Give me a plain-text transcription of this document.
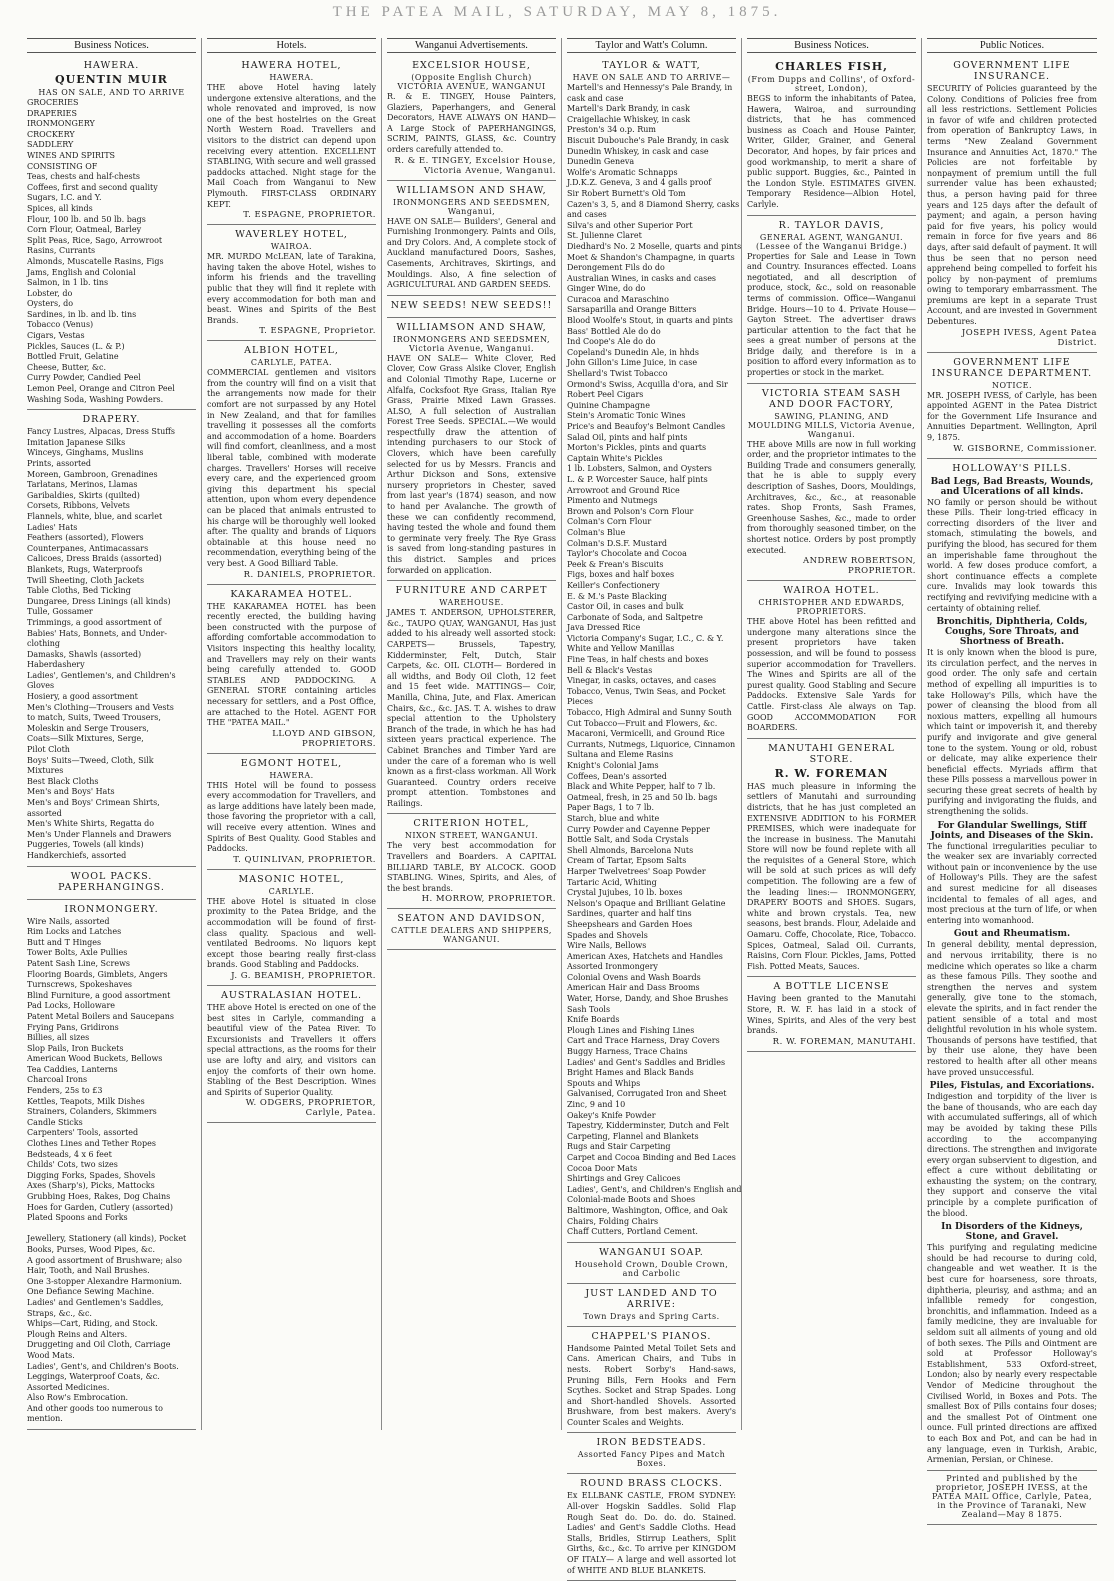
THE PATEA MAIL, SATURDAY, MAY 8, 1875.
Business Notices.
HAWERA.
QUENTIN MUIR
HAS ON SALE, AND TO ARRIVE
GROCERIES
DRAPERIES
IRONMONGERY
CROCKERY
SADDLERY
WINES AND SPIRITS
CONSISTING OF
Teas, chests and half-chests
Coffees, first and second quality
Sugars, I.C. and Y.
Spices, all kinds
Flour, 100 lb. and 50 lb. bags
Corn Flour, Oatmeal, Barley
Split Peas, Rice, Sago, Arrowroot
Rasins, Currants
Almonds, Muscatelle Rasins, Figs
Jams, English and Colonial
Salmon, in 1 lb. tins
Lobster, do
Oysters, do
Sardines, in lb. and lb. tins
Tobacco (Venus)
Cigars, Vestas
Pickles, Sauces (L. & P.)
Bottled Fruit, Gelatine
Cheese, Butter, &c.
Curry Powder, Candied Peel
Lemon Peel, Orange and Citron Peel
Washing Soda, Washing Powders.
DRAPERY.
Fancy Lustres, Alpacas, Dress Stuffs
Imitation Japanese Silks
Winceys, Ginghams, Muslins
Prints, assorted
Moreen, Gambroon, Grenadines
Tarlatans, Merinos, Llamas
Garibaldies, Skirts (quilted)
Corsets, Ribbons, Velvets
Flannels, white, blue, and scarlet
Ladies' Hats
Feathers (assorted), Flowers
Counterpanes, Antimacassars
Calicoes, Dress Braids (assorted)
Blankets, Rugs, Waterproofs
Twill Sheeting, Cloth Jackets
Table Cloths, Bed Ticking
Dungaree, Dress Linings (all kinds)
Tulle, Gossamer
Trimmings, a good assortment of
Babies' Hats, Bonnets, and Under-
clothing
Damasks, Shawls (assorted)
Haberdashery
Ladies', Gentlemen's, and Children's
Gloves
Hosiery, a good assortment
Men's Clothing—Trousers and Vests
to match, Suits, Tweed Trousers,
Moleskin and Serge Trousers,
Coats—Silk Mixtures, Serge,
Pilot Cloth
Boys' Suits—Tweed, Cloth, Silk
Mixtures
Best Black Cloths
Men's and Boys' Hats
Men's and Boys' Crimean Shirts,
assorted
Men's White Shirts, Regatta do
Men's Under Flannels and Drawers
Puggeries, Towels (all kinds)
Handkerchiefs, assorted
WOOL PACKS. PAPERHANGINGS.
IRONMONGERY.
Wire Nails, assorted
Rim Locks and Latches
Butt and T Hinges
Tower Bolts, Axle Pullies
Patent Sash Line, Screws
Flooring Boards, Gimblets, Angers
Turnscrews, Spokeshaves
Blind Furniture, a good assortment
Pad Locks, Holloware
Patent Metal Boilers and Saucepans
Frying Pans, Gridirons
Billies, all sizes
Slop Pails, Iron Buckets
American Wood Buckets, Bellows
Tea Caddies, Lanterns
Charcoal Irons
Fenders, 25s to £3
Kettles, Teapots, Milk Dishes
Strainers, Colanders, Skimmers
Candle Sticks
Carpenters' Tools, assorted
Clothes Lines and Tether Ropes
Bedsteads, 4 x 6 feet
Childs' Cots, two sizes
Digging Forks, Spades, Shovels
Axes (Sharp's), Picks, Mattocks
Grubbing Hoes, Rakes, Dog Chains
Hoes for Garden, Cutlery (assorted)
Plated Spoons and Forks

Jewellery, Stationery (all kinds), Pocket
Books, Purses, Wood Pipes, &c.
A good assortment of Brushware; also
Hair, Tooth, and Nail Brushes.
One 3-stopper Alexandre Harmonium.
One Defiance Sewing Machine.
Ladies' and Gentlemen's Saddles,
Straps, &c., &c.
Whips—Cart, Riding, and Stock.
Plough Reins and Alters.
Druggeting and Oil Cloth, Carriage
Wood Mats.
Ladies', Gent's, and Children's Boots.
Leggings, Waterproof Coats, &c.
Assorted Medicines.
Also Row's Embrocation.
And other goods too numerous to
mention.
Hotels.
HAWERA HOTEL,
HAWERA.
THE above Hotel having lately undergone extensive alterations, and the whole renovated and improved, is now one of the best hostelries on the Great North Western Road. Travellers and visitors to the district can depend upon receiving every attention. EXCELLENT STABLING, With secure and well grassed paddocks attached. Night stage for the Mail Coach from Wanganui to New Plymouth. FIRST-CLASS ORDINARY KEPT.
T. ESPAGNE, PROPRIETOR.
WAVERLEY HOTEL,
WAIROA.
MR. MURDO McLEAN, late of Tarakina, having taken the above Hotel, wishes to inform his friends and the travelling public that they will find it replete with every accommodation for both man and beast. Wines and Spirits of the Best Brands.
T. ESPAGNE, Proprietor.
ALBION HOTEL,
CARLYLE, PATEA.
COMMERCIAL gentlemen and visitors from the country will find on a visit that the arrangements now made for their comfort are not surpassed by any Hotel in New Zealand, and that for families travelling it possesses all the comforts and accommodation of a home. Boarders will find comfort, cleanliness, and a most liberal table, combined with moderate charges. Travellers' Horses will receive every care, and the experienced groom giving this department his special attention, upon whom every dependence can be placed that animals entrusted to his charge will be thoroughly well looked after. The quality and brands of Liquors obtainable at this house need no recommendation, everything being of the very best. A Good Billiard Table.
R. DANIELS, PROPRIETOR.
KAKARAMEA HOTEL.
THE KAKARAMEA HOTEL has been recently erected, the building having been constructed with the purpose of affording comfortable accommodation to Visitors inspecting this healthy locality, and Travellers may rely on their wants being carefully attended to. GOOD STABLES AND PADDOCKING. A GENERAL STORE containing articles necessary for settlers, and a Post Office, are attached to the Hotel. AGENT FOR THE "PATEA MAIL."
LLOYD AND GIBSON, PROPRIETORS.
EGMONT HOTEL,
HAWERA.
THIS Hotel will be found to possess every accommodation for Travellers, and as large additions have lately been made, those favoring the proprietor with a call, will receive every attention. Wines and Spirits of Best Quality. Good Stables and Paddocks.
T. QUINLIVAN, PROPRIETOR.
MASONIC HOTEL,
CARLYLE.
THE above Hotel is situated in close proximity to the Patea Bridge, and the accommodation will be found of first-class quality. Spacious and well-ventilated Bedrooms. No liquors kept except those bearing really first-class brands. Good Stabling and Paddocks.
J. G. BEAMISH, PROPRIETOR.
AUSTRALASIAN HOTEL.
THE above Hotel is erected on one of the best sites in Carlyle, commanding a beautiful view of the Patea River. To Excursionists and Travellers it offers special attractions, as the rooms for their use are lofty and airy, and visitors can enjoy the comforts of their own home. Stabling of the Best Description. Wines and Spirits of Superior Quality.
W. ODGERS, PROPRIETOR, Carlyle, Patea.
Wanganui Advertisements.
EXCELSIOR HOUSE,
(Opposite English Church) VICTORIA AVENUE, WANGANUI
R. & E. TINGEY, House Painters, Glaziers, Paperhangers, and General Decorators, HAVE ALWAYS ON HAND— A Large Stock of PAPERHANGINGS, SCRIM, PAINTS, GLASS, &c. Country orders carefully attended to.
R. & E. TINGEY, Excelsior House, Victoria Avenue, Wanganui.
WILLIAMSON AND SHAW,
IRONMONGERS AND SEEDSMEN, Wanganui,
HAVE ON SALE— Builders', General and Furnishing Ironmongery. Paints and Oils, and Dry Colors. And, A complete stock of Auckland manufactured Doors, Sashes, Casements, Architraves, Skirtings, and Mouldings. Also, A fine selection of AGRICULTURAL AND GARDEN SEEDS.
NEW SEEDS! NEW SEEDS!!
WILLIAMSON AND SHAW,
IRONMONGERS AND SEEDSMEN, Victoria Avenue, Wanganui.
HAVE ON SALE— White Clover, Red Clover, Cow Grass Alsike Clover, English and Colonial Timothy Rape, Lucerne or Alfalfa, Cocksfoot Rye Grass, Italian Rye Grass, Prairie Mixed Lawn Grasses. ALSO, A full selection of Australian Forest Tree Seeds. SPECIAL.—We would respectfully draw the attention of intending purchasers to our Stock of Clovers, which have been carefully selected for us by Messrs. Francis and Arthur Dickson and Sons, extensive nursery proprietors in Chester, saved from last year's (1874) season, and now to hand per Avalanche. The growth of these we can confidently recommend, having tested the whole and found them to germinate very freely. The Rye Grass is saved from long-standing pastures in this district. Samples and prices forwarded on application.
FURNITURE AND CARPET
WAREHOUSE.
JAMES T. ANDERSON, UPHOLSTERER, &c., TAUPO QUAY, WANGANUI, Has just added to his already well assorted stock: CARPETS— Brussels, Tapestry, Kidderminster, Felt, Dutch, Stair Carpets, &c. OIL CLOTH— Bordered in all widths, and Body Oil Cloth, 12 feet and 15 feet wide. MATTINGS— Coir, Manilla, China, Jute, and Flax. American Chairs, &c., &c. JAS. T. A. wishes to draw special attention to the Upholstery Branch of the trade, in which he has had sixteen years practical experience. The Cabinet Branches and Timber Yard are under the care of a foreman who is well known as a first-class workman. All Work Guaranteed. Country orders receive prompt attention. Tombstones and Railings.
CRITERION HOTEL,
NIXON STREET, WANGANUI.
The very best accommodation for Travellers and Boarders. A CAPITAL BILLIARD TABLE, BY ALCOCK. GOOD STABLING. Wines, Spirits, and Ales, of the best brands.
H. MORROW, PROPRIETOR.
SEATON AND DAVIDSON,
CATTLE DEALERS AND SHIPPERS, WANGANUI.
Taylor and Watt's Column.
TAYLOR & WATT,
HAVE ON SALE AND TO ARRIVE—
Martell's and Hennessy's Pale Brandy, in
cask and case
Martell's Dark Brandy, in cask
Craigellachie Whiskey, in cask
Preston's 34 o.p. Rum
Biscuit Dubouche's Pale Brandy, in cask
Dunedin Whiskey, in cask and case
Dunedin Geneva
Wolfe's Aromatic Schnapps
J.D.K.Z. Geneva, 3 and 4 galls proof
Sir Robert Burnett's Old Tom
Cazen's 3, 5, and 8 Diamond Sherry, casks
and cases
Silva's and other Superior Port
St. Julienne Claret
Diedhard's No. 2 Moselle, quarts and pints
Moet & Shandon's Champagne, in quarts
Derongement Fils do do
Australian Wines, in casks and cases
Ginger Wine, do do
Curacoa and Maraschino
Sarsaparilla and Orange Bitters
Blood Woolfe's Stout, in quarts and pints
Bass' Bottled Ale do do
Ind Coope's Ale do do
Copeland's Dunedin Ale, in hhds
John Gillon's Lime Juice, in case
Shellard's Twist Tobacco
Ormond's Swiss, Acquilla d'ora, and Sir
Robert Peel Cigars
Quinine Champagne
Stein's Aromatic Tonic Wines
Price's and Beaufoy's Belmont Candles
Salad Oil, pints and half pints
Morton's Pickles, pints and quarts
Captain White's Pickles
1 lb. Lobsters, Salmon, and Oysters
L. & P. Worcester Sauce, half pints
Arrowroot and Ground Rice
Pimento and Nutmegs
Brown and Polson's Corn Flour
Colman's Corn Flour
Colman's Blue
Colman's D.S.F. Mustard
Taylor's Chocolate and Cocoa
Peek & Frean's Biscuits
Figs, boxes and half boxes
Keiller's Confectionery
E. & M.'s Paste Blacking
Castor Oil, in cases and bulk
Carbonate of Soda, and Saltpetre
Java Dressed Rice
Victoria Company's Sugar, I.C., C. & Y.
White and Yellow Manillas
Fine Teas, in half chests and boxes
Bell & Black's Vestas
Vinegar, in casks, octaves, and cases
Tobacco, Venus, Twin Seas, and Pocket
Pieces
Tobacco, High Admiral and Sunny South
Cut Tobacco—Fruit and Flowers, &c.
Macaroni, Vermicelli, and Ground Rice
Currants, Nutmegs, Liquorice, Cinnamon
Sultana and Eleme Rasins
Knight's Colonial Jams
Coffees, Dean's assorted
Black and White Pepper, half to 7 lb.
Oatmeal, fresh, in 25 and 50 lb. bags
Paper Bags, 1 to 7 lb.
Starch, blue and white
Curry Powder and Cayenne Pepper
Bottle Salt, and Soda Crystals
Shell Almonds, Barcelona Nuts
Cream of Tartar, Epsom Salts
Harper Twelvetrees' Soap Powder
Tartaric Acid, Whiting
Crystal Jujubes, 10 lb. boxes
Nelson's Opaque and Brilliant Gelatine
Sardines, quarter and half tins
Sheepshears and Garden Hoes
Spades and Shovels
Wire Nails, Bellows
American Axes, Hatchets and Handles
Assorted Ironmongery
Colonial Ovens and Wash Boards
American Hair and Dass Brooms
Water, Horse, Dandy, and Shoe Brushes
Sash Tools
Knife Boards
Plough Lines and Fishing Lines
Cart and Trace Harness, Dray Covers
Buggy Harness, Trace Chains
Ladies' and Gent's Saddles and Bridles
Bright Hames and Black Bands
Spouts and Whips
Galvanised, Corrugated Iron and Sheet
Zinc, 9 and 10
Oakey's Knife Powder
Tapestry, Kidderminster, Dutch and Felt
Carpeting, Flannel and Blankets
Rugs and Stair Carpeting
Carpet and Cocoa Binding and Bed Laces
Cocoa Door Mats
Shirtings and Grey Calicoes
Ladies', Gent's, and Children's English and
Colonial-made Boots and Shoes
Baltimore, Washington, Office, and Oak
Chairs, Folding Chairs
Chaff Cutters, Portland Cement.
WANGANUI SOAP.
Household Crown, Double Crown, and Carbolic
JUST LANDED AND TO ARRIVE:
Town Drays and Spring Carts.
CHAPPEL'S PIANOS.
Handsome Painted Metal Toilet Sets and Cans. American Chairs, and Tubs in nests. Robert Sorby's Hand-saws, Pruning Bills, Fern Hooks and Fern Scythes. Socket and Strap Spades. Long and Short-handled Shovels. Assorted Brushware, from best makers. Avery's Counter Scales and Weights.
IRON BEDSTEADS.
Assorted Fancy Pipes and Match Boxes.
ROUND BRASS CLOCKS.
Ex ELLBANK CASTLE, FROM SYDNEY: All-over Hogskin Saddles. Solid Flap Rough Seat do. Do. do. do. Stained. Ladies' and Gent's Saddle Cloths. Head Stalls, Bridles, Stirrup Leathers, Split Girths, &c., &c. To arrive per KINGDOM OF ITALY— A large and well assorted lot of WHITE AND BLUE BLANKETS.
Business Notices.
CHARLES FISH,
(From Dupps and Collins', of Oxford-street, London),
BEGS to inform the inhabitants of Patea, Hawera, Wairoa, and surrounding districts, that he has commenced business as Coach and House Painter, Writer, Gilder, Grainer, and General Decorator, And hopes, by fair prices and good workmanship, to merit a share of public support. Buggies, &c., Painted in the London Style. ESTIMATES GIVEN. Temporary Residence—Albion Hotel, Carlyle.
R. TAYLOR DAVIS,
GENERAL AGENT, WANGANUI. (Lessee of the Wanganui Bridge.)
Properties for Sale and Lease in Town and Country. Insurances effected. Loans negotiated, and all description of produce, stock, &c., sold on reasonable terms of commission. Office—Wanganui Bridge. Hours—10 to 4. Private House—Gayton Street. The advertiser draws particular attention to the fact that he sees a great number of persons at the Bridge daily, and therefore is in a position to afford every information as to properties or stock in the market.
VICTORIA STEAM SASH AND DOOR FACTORY,
SAWING, PLANING, AND MOULDING MILLS, Victoria Avenue, Wanganui.
THE above Mills are now in full working order, and the proprietor intimates to the Building Trade and consumers generally, that he is able to supply every description of Sashes, Doors, Mouldings, Architraves, &c., &c., at reasonable rates. Shop Fronts, Sash Frames, Greenhouse Sashes, &c., made to order from thoroughly seasoned timber, on the shortest notice. Orders by post promptly executed.
ANDREW ROBERTSON, PROPRIETOR.
WAIROA HOTEL.
CHRISTOPHER AND EDWARDS, PROPRIETORS.
THE above Hotel has been refitted and undergone many alterations since the present proprietors have taken possession, and will be found to possess superior accommodation for Travellers. The Wines and Spirits are all of the purest quality. Good Stabling and Secure Paddocks. Extensive Sale Yards for Cattle. First-class Ale always on Tap. GOOD ACCOMMODATION FOR BOARDERS.
MANUTAHI GENERAL STORE.
R. W. FOREMAN
HAS much pleasure in informing the settlers of Manutahi and surrounding districts, that he has just completed an EXTENSIVE ADDITION to his FORMER PREMISES, which were inadequate for the increase in business. The Manutahi Store will now be found replete with all the requisites of a General Store, which will be sold at such prices as will defy competition. The following are a few of the leading lines:— IRONMONGERY, DRAPERY BOOTS and SHOES. Sugars, white and brown crystals. Tea, new seasons, best brands. Flour, Adelaide and Oamaru. Coffe, Chocolate, Rice, Tobacco. Spices, Oatmeal, Salad Oil. Currants, Raisins, Corn Flour. Pickles, Jams, Potted Fish. Potted Meats, Sauces.
A BOTTLE LICENSE
Having been granted to the Manutahi Store, R. W. F. has laid in a stock of Wines, Spirits, and Ales of the very best brands.
R. W. FOREMAN, MANUTAHI.
Public Notices.
GOVERNMENT LIFE INSURANCE.
SECURITY of Policies guaranteed by the Colony. Conditions of Policies free from all less restrictions. Settlement Policies in favor of wife and children protected from operation of Bankruptcy Laws, in terms "New Zealand Government Insurance and Annuities Act, 1870." The Policies are not forfeitable by nonpayment of premium untill the full surrender value has been exhausted; thus, a person having paid for three years and 125 days after the default of payment; and again, a person having paid for five years, his policy would remain in force for five years and 86 days, after said default of payment. It will thus be seen that no person need apprehend being compelled to forfeit his policy by non-payment of premiums owing to temporary embarrassment. The premiums are kept in a separate Trust Account, and are invested in Government Debentures.
JOSEPH IVESS, Agent Patea District.
GOVERNMENT LIFE INSURANCE DEPARTMENT.
NOTICE.
MR. JOSEPH IVESS, of Carlyle, has been appointed AGENT in the Patea District for the Government Life Insurance and Annuities Department. Wellington, April 9, 1875.
W. GISBORNE, Commissioner.
HOLLOWAY'S PILLS.
Bad Legs, Bad Breasts, Wounds, and Ulcerations of all kinds.
NO family or person should be without these Pills. Their long-tried efficacy in correcting disorders of the liver and stomach, stimulating the bowels, and purifying the blood, has secured for them an imperishable fame throughout the world. A few doses produce comfort, a short continuance effects a complete cure. Invalids may look towards this rectifying and revivifying medicine with a certainty of obtaining relief.
Bronchitis, Diphtheria, Colds, Coughs, Sore Throats, and Shortness of Breath.
It is only known when the blood is pure, its circulation perfect, and the nerves in good order. The only safe and certain method of expelling all impurities is to take Holloway's Pills, which have the power of cleansing the blood from all noxious matters, expelling all humours which taint or impoverish it, and thereby purify and invigorate and give general tone to the system. Young or old, robust or delicate, may alike experience their beneficial effects. Myriads affirm that these Pills possess a marvellous power in securing these great secrets of health by purifying and invigorating the fluids, and strengthening the solids.
For Glandular Swellings, Stiff Joints, and Diseases of the Skin.
The functional irregularities peculiar to the weaker sex are invariably corrected without pain or inconvenience by the use of Holloway's Pills. They are the safest and surest medicine for all diseases incidental to females of all ages, and most precious at the turn of life, or when entering into womanhood.
Gout and Rheumatism.
In general debility, mental depression, and nervous irritability, there is no medicine which operates so like a charm as these famous Pills. They soothe and strengthen the nerves and system generally, give tone to the stomach, elevate the spirits, and in fact render the patient sensible of a total and most delightful revolution in his whole system. Thousands of persons have testified, that by their use alone, they have been restored to health after all other means have proved unsuccessful.
Piles, Fistulas, and Excoriations.
Indigestion and torpidity of the liver is the bane of thousands, who are each day with accumulated sufferings, all of which may be avoided by taking these Pills according to the accompanying directions. The strengthen and invigorate every organ subservient to digestion, and effect a cure without debilitating or exhausting the system; on the contrary, they support and conserve the vital principle by a complete purification of the blood.
In Disorders of the Kidneys, Stone, and Gravel.
This purifying and regulating medicine should be had recourse to during cold, changeable and wet weather. It is the best cure for hoarseness, sore throats, diphtheria, pleurisy, and asthma; and an infallible remedy for congestion, bronchitis, and inflammation. Indeed as a family medicine, they are invaluable for seldom suit all ailments of young and old of both sexes. The Pills and Ointment are sold at Professor Holloway's Establishment, 533 Oxford-street, London; also by nearly every respectable Vendor of Medicine throughout the Civilised World, in Boxes and Pots. The smallest Box of Pills contains four doses; and the smallest Pot of Ointment one ounce. Full printed directions are affixed to each Box and Pot, and can be had in any language, even in Turkish, Arabic, Armenian, Persian, or Chinese.
Printed and published by the proprietor, JOSEPH IVESS, at the PATEA MAIL Office, Carlyle, Patea, in the Province of Taranaki, New Zealand—May 8 1875.
